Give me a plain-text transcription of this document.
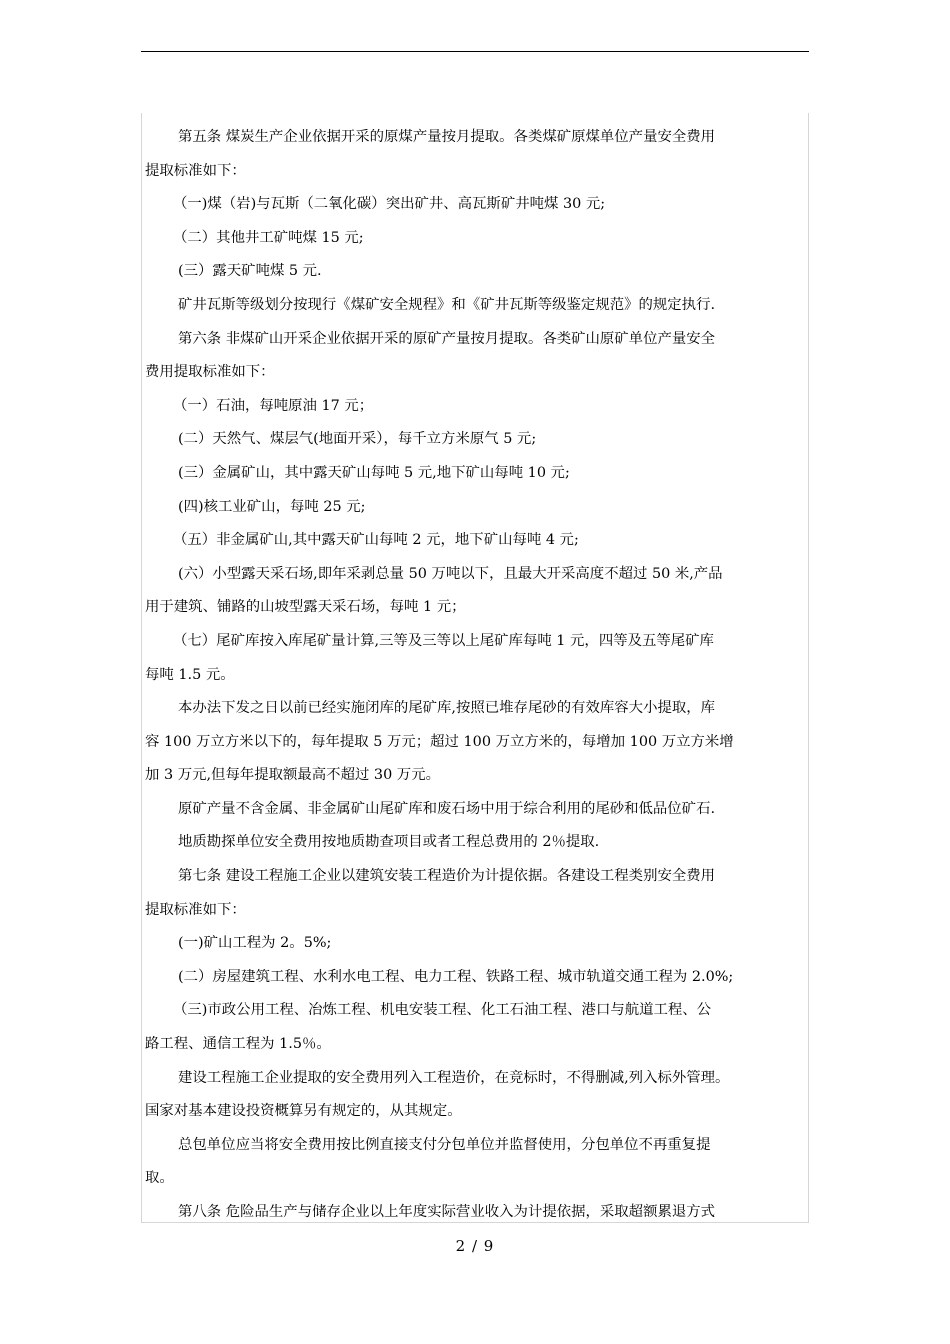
第五条 煤炭生产企业依据开采的原煤产量按月提取。各类煤矿原煤单位产量安全费用

提取标准如下：

（一)煤（岩)与瓦斯（二氧化碳）突出矿井、高瓦斯矿井吨煤 30 元;

（二）其他井工矿吨煤 15 元;

(三）露天矿吨煤 5 元.

矿井瓦斯等级划分按现行《煤矿安全规程》和《矿井瓦斯等级鉴定规范》的规定执行.

第六条 非煤矿山开采企业依据开采的原矿产量按月提取。各类矿山原矿单位产量安全

费用提取标准如下：

（一）石油，每吨原油 17 元；

(二）天然气、煤层气(地面开采），每千立方米原气 5 元;

(三）金属矿山，其中露天矿山每吨 5 元,地下矿山每吨 10 元;

(四)核工业矿山，每吨 25 元;

（五）非金属矿山,其中露天矿山每吨 2 元，地下矿山每吨 4 元;

(六）小型露天采石场,即年采剥总量 50 万吨以下，且最大开采高度不超过 50 米,产品

用于建筑、铺路的山坡型露天采石场，每吨 1 元；

（七）尾矿库按入库尾矿量计算,三等及三等以上尾矿库每吨 1 元，四等及五等尾矿库

每吨 1.5 元。

本办法下发之日以前已经实施闭库的尾矿库,按照已堆存尾砂的有效库容大小提取，库

容 100 万立方米以下的，每年提取 5 万元；超过 100 万立方米的，每增加 100 万立方米增

加 3 万元,但每年提取额最高不超过 30 万元。

原矿产量不含金属、非金属矿山尾矿库和废石场中用于综合利用的尾砂和低品位矿石.

地质勘探单位安全费用按地质勘查项目或者工程总费用的 2％提取.

第七条 建设工程施工企业以建筑安装工程造价为计提依据。各建设工程类别安全费用

提取标准如下：

(一)矿山工程为 2。5%;

(二）房屋建筑工程、水利水电工程、电力工程、铁路工程、城市轨道交通工程为 2.0%;

（三)市政公用工程、冶炼工程、机电安装工程、化工石油工程、港口与航道工程、公

路工程、通信工程为 1.5％。

建设工程施工企业提取的安全费用列入工程造价，在竞标时，不得删减,列入标外管理。

国家对基本建设投资概算另有规定的，从其规定。

总包单位应当将安全费用按比例直接支付分包单位并监督使用，分包单位不再重复提

取。

第八条 危险品生产与储存企业以上年度实际营业收入为计提依据，采取超额累退方式

2 / 9
